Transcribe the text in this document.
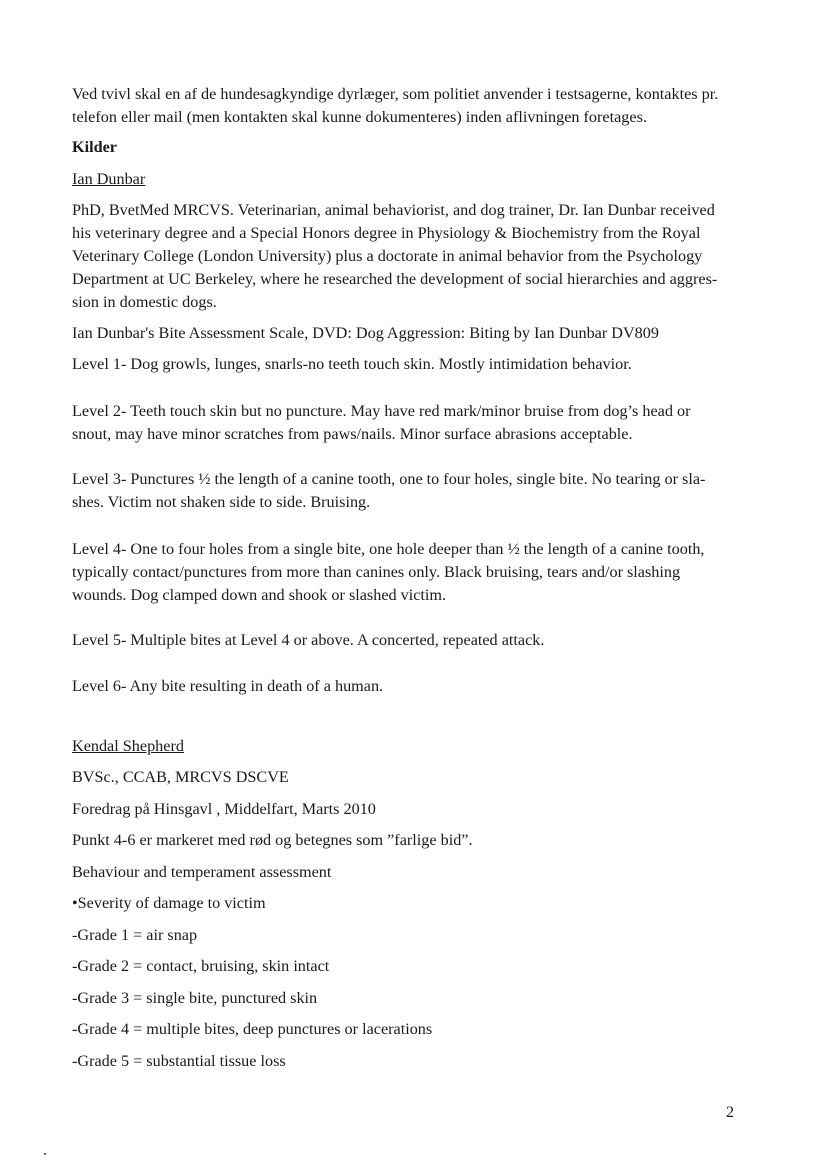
Ved tvivl skal en af de hundesagkyndige dyrlæger, som politiet anvender i testsagerne, kontaktes pr.
telefon eller mail (men kontakten skal kunne dokumenteres) inden aflivningen foretages.
Kilder
Ian Dunbar
PhD, BvetMed MRCVS. Veterinarian, animal behaviorist, and dog trainer, Dr. Ian Dunbar received
his veterinary degree and a Special Honors degree in Physiology & Biochemistry from the Royal
Veterinary College (London University) plus a doctorate in animal behavior from the Psychology
Department at UC Berkeley, where he researched the development of social hierarchies and aggres-
sion in domestic dogs.
Ian Dunbar's Bite Assessment Scale, DVD: Dog Aggression: Biting by Ian Dunbar DV809
Level 1- Dog growls, lunges, snarls-no teeth touch skin. Mostly intimidation behavior.
Level 2- Teeth touch skin but no puncture. May have red mark/minor bruise from dog’s head or
snout, may have minor scratches from paws/nails. Minor surface abrasions acceptable.
Level 3- Punctures ½ the length of a canine tooth, one to four holes, single bite. No tearing or sla-
shes. Victim not shaken side to side. Bruising.
Level 4- One to four holes from a single bite, one hole deeper than ½ the length of a canine tooth,
typically contact/punctures from more than canines only. Black bruising, tears and/or slashing
wounds. Dog clamped down and shook or slashed victim.
Level 5- Multiple bites at Level 4 or above. A concerted, repeated attack.
Level 6- Any bite resulting in death of a human.
Kendal Shepherd
BVSc., CCAB, MRCVS DSCVE
Foredrag på Hinsgavl , Middelfart, Marts 2010
Punkt 4-6 er markeret med rød og betegnes som ”farlige bid”.
Behaviour and temperament assessment
•Severity of damage to victim
-Grade 1 = air snap
-Grade 2 = contact, bruising, skin intact
-Grade 3 = single bite, punctured skin
-Grade 4 = multiple bites, deep punctures or lacerations
-Grade 5 = substantial tissue loss
2
